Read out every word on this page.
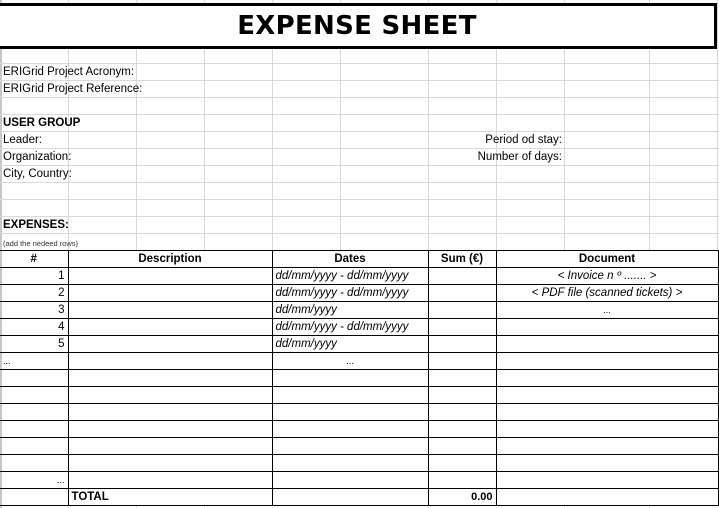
EXPENSE SHEET
ERIGrid Project Acronym:
ERIGrid Project Reference:
USER GROUP
Leader:
Organization:
City, Country:
Period od stay:
Number of days:
EXPENSES:
(add the nedeed rows)
#	Description	Dates	Sum (€)	Document
1		dd/mm/yyyy - dd/mm/yyyy		< Invoice n º ....... >
2		dd/mm/yyyy - dd/mm/yyyy		< PDF file (scanned tickets) >
3		dd/mm/yyyy		...
4		dd/mm/yyyy - dd/mm/yyyy		
5		dd/mm/yyyy		
...		...		

...				
	TOTAL		0.00	
